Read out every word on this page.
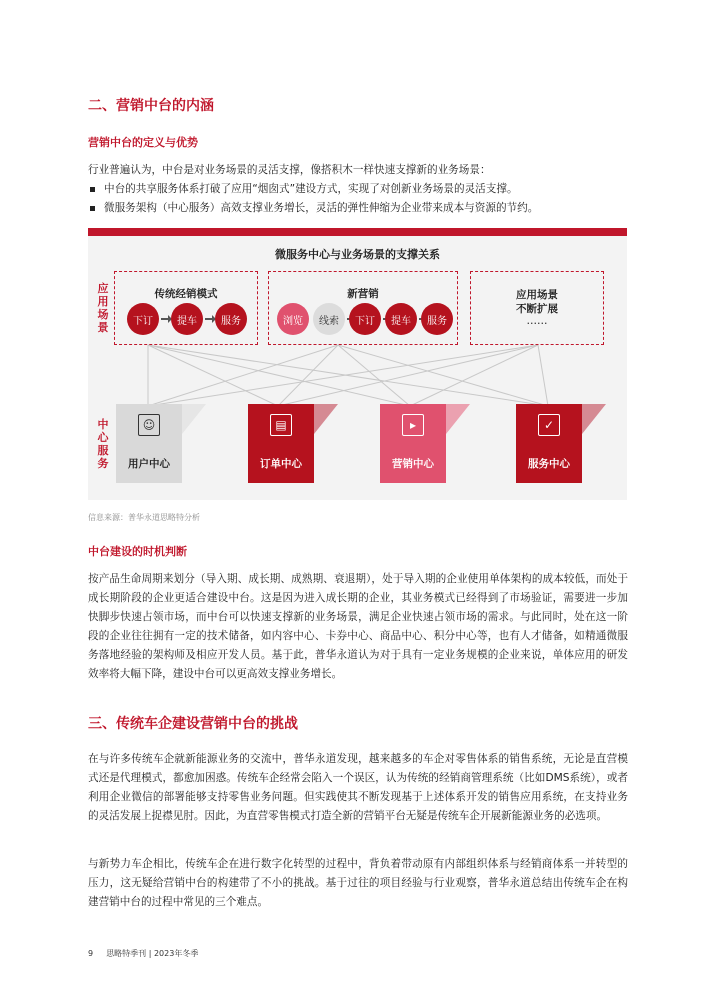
二、营销中台的内涵
营销中台的定义与优势
行业普遍认为，中台是对业务场景的灵活支撑，像搭积木一样快速支撑新的业务场景：
中台的共享服务体系打破了应用“烟囱式”建设方式，实现了对创新业务场景的灵活支撑。
微服务架构（中心服务）高效支撑业务增长，灵活的弹性伸缩为企业带来成本与资源的节约。
微服务中心与业务场景的支撑关系
应用场景
中心服务
传统经销模式
下订	提车	服务
新营销
浏览	线索	下订	提车	服务
应用场景
不断扩展
……
☺
用户中心
▤
订单中心
▸
营销中心
✓
服务中心
信息来源：普华永道思略特分析
中台建设的时机判断
按产品生命周期来划分（导入期、成长期、成熟期、衰退期），处于导入期的企业使用单体架构的成本较低，而处于成长期阶段的企业更适合建设中台。这是因为进入成长期的企业，其业务模式已经得到了市场验证，需要进一步加快脚步快速占领市场，而中台可以快速支撑新的业务场景，满足企业快速占领市场的需求。与此同时，处在这一阶段的企业往往拥有一定的技术储备，如内容中心、卡券中心、商品中心、积分中心等，也有人才储备，如精通微服务落地经验的架构师及相应开发人员。基于此，普华永道认为对于具有一定业务规模的企业来说，单体应用的研发效率将大幅下降，建设中台可以更高效支撑业务增长。
三、传统车企建设营销中台的挑战
在与许多传统车企就新能源业务的交流中，普华永道发现，越来越多的车企对零售体系的销售系统，无论是直营模式还是代理模式，都愈加困惑。传统车企经常会陷入一个误区，认为传统的经销商管理系统（比如DMS系统），或者利用企业微信的部署能够支持零售业务问题。但实践使其不断发现基于上述体系开发的销售应用系统，在支持业务的灵活发展上捉襟见肘。因此，为直营零售模式打造全新的营销平台无疑是传统车企开展新能源业务的必选项。
与新势力车企相比，传统车企在进行数字化转型的过程中，背负着带动原有内部组织体系与经销商体系一并转型的压力，这无疑给营销中台的构建带了不小的挑战。基于过往的项目经验与行业观察，普华永道总结出传统车企在构建营销中台的过程中常见的三个难点。
9 思略特季刊 | 2023年冬季
